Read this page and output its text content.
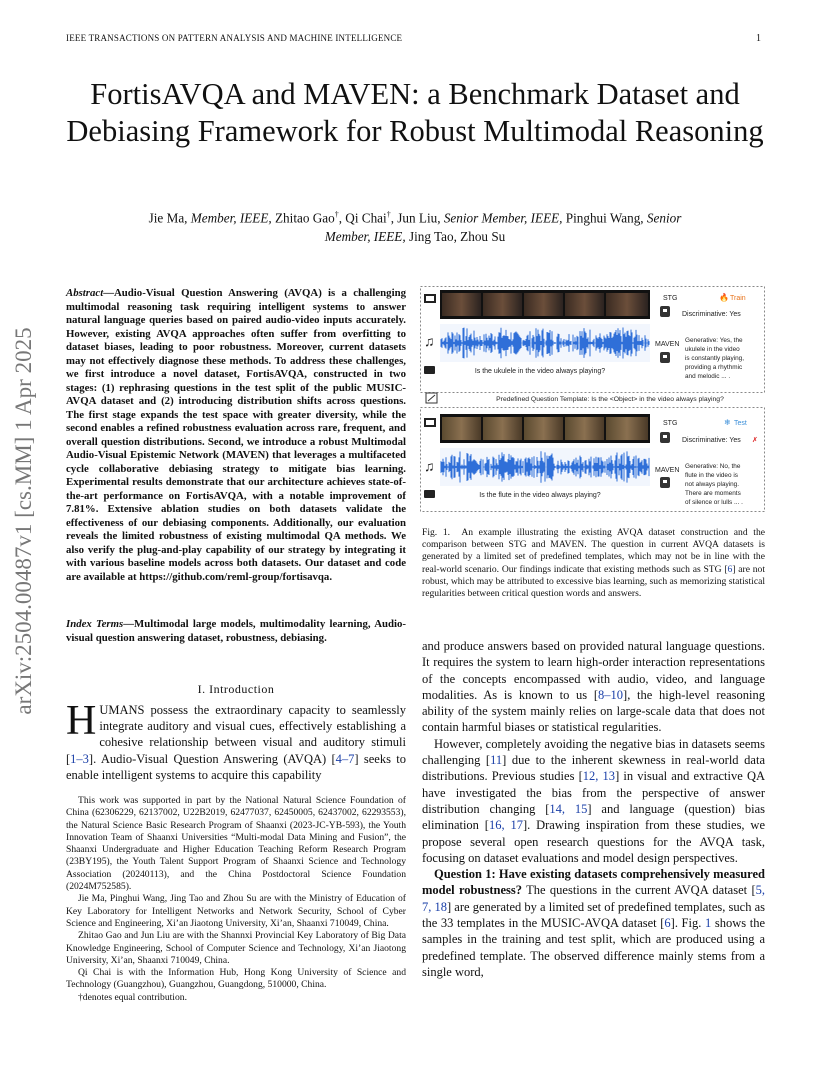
IEEE TRANSACTIONS ON PATTERN ANALYSIS AND MACHINE INTELLIGENCE	1
FortisAVQA and MAVEN: a Benchmark Dataset and Debiasing Framework for Robust Multimodal Reasoning
Jie Ma, Member, IEEE, Zhitao Gao†, Qi Chai†, Jun Liu, Senior Member, IEEE, Pinghui Wang, Senior
Member, IEEE, Jing Tao, Zhou Su
arXiv:2504.00487v1 [cs.MM] 1 Apr 2025
Abstract—Audio-Visual Question Answering (AVQA) is a challenging multimodal reasoning task requiring intelligent systems to answer natural language queries based on paired audio-video inputs accurately. However, existing AVQA approaches often suffer from overfitting to dataset biases, leading to poor robustness. Moreover, current datasets may not effectively diagnose these methods. To address these challenges, we first introduce a novel dataset, FortisAVQA, constructed in two stages: (1) rephrasing questions in the test split of the public MUSIC-AVQA dataset and (2) introducing distribution shifts across questions. The first stage expands the test space with greater diversity, while the second enables a refined robustness evaluation across rare, frequent, and overall question distributions. Second, we introduce a robust Multimodal Audio-Visual Epistemic Network (MAVEN) that leverages a multifaceted cycle collaborative debiasing strategy to mitigate bias learning. Experimental results demonstrate that our architecture achieves state-of-the-art performance on FortisAVQA, with a notable improvement of 7.81%. Extensive ablation studies on both datasets validate the effectiveness of our debiasing components. Additionally, our evaluation reveals the limited robustness of existing multimodal QA methods. We also verify the plug-and-play capability of our strategy by integrating it with various baseline models across both datasets. Our dataset and code are available at https://github.com/reml-group/fortisavqa.
Index Terms—Multimodal large models, multimodality learning, Audio-visual question answering dataset, robustness, debiasing.
I. Introduction
HUMANS possess the extraordinary capacity to seamlessly integrate auditory and visual cues, effectively establishing a cohesive relationship between visual and auditory stimuli [1–3]. Audio-Visual Question Answering (AVQA) [4–7] seeks to enable intelligent systems to acquire this capability

This work was supported in part by the National Natural Science Foundation of China (62306229, 62137002, U22B2019, 62477037, 62450005, 62437002, 62293553), the Natural Science Basic Research Program of Shaanxi (2023-JC-YB-593), the Youth Innovation Team of Shaanxi Universities “Multi-modal Data Mining and Fusion”, the Shaanxi Undergraduate and Higher Education Teaching Reform Research Program (23BY195), the Youth Talent Support Program of Shaanxi Science and Technology Association (20240113), and the China Postdoctoral Science Foundation (2024M752585).

Jie Ma, Pinghui Wang, Jing Tao and Zhou Su are with the Ministry of Education of Key Laboratory for Intelligent Networks and Network Security, School of Cyber Science and Engineering, Xi’an Jiaotong University, Xi’an, Shaanxi 710049, China.

Zhitao Gao and Jun Liu are with the Shannxi Provincial Key Laboratory of Big Data Knowledge Engineering, School of Computer Science and Technology, Xi’an Jiaotong University, Xi’an, Shaanxi 710049, China.

Qi Chai is with the Information Hub, Hong Kong University of Science and Technology (Guangzhou), Guangzhou, Guangdong, 510000, China.

†denotes equal contribution.

♫
Is the ukulele in the video always playing?
STG	Train
🔥
Discriminative: Yes
MAVEN
Generative: Yes, the
ukulele in the video
is constantly playing,
providing a rhythmic
and melodic ... .
Predefined Question Template: Is the <Object> in the video always playing?
♫
Is the flute in the video always playing?
STG	❄ Test
Discriminative: Yes ✗
MAVEN
Generative: No, the
flute in the video is
not always playing.
There are moments
of silence or lulls ... .
Fig. 1. An example illustrating the existing AVQA dataset construction and the comparison between STG and MAVEN. The question in current AVQA datasets is generated by a limited set of predefined templates, which may not be in line with the real-world scenario. Our findings indicate that existing methods such as STG [6] are not robust, which may be attributed to excessive bias learning, such as memorizing statistical regularities between critical question words and answers.

and produce answers based on provided natural language questions. It requires the system to learn high-order interaction representations of the concepts encompassed with audio, video, and language modalities. As is known to us [8–10], the high-level reasoning ability of the system mainly relies on large-scale data that does not contain harmful biases or statistical regularities.

However, completely avoiding the negative bias in datasets seems challenging [11] due to the inherent skewness in real-world data distributions. Previous studies [12, 13] in visual and extractive QA have investigated the bias from the perspective of answer distribution changing [14, 15] and language (question) bias elimination [16, 17]. Drawing inspiration from these studies, we propose several open research questions for the AVQA task, focusing on dataset evaluations and model design perspectives.

Question 1: Have existing datasets comprehensively measured model robustness? The questions in the current AVQA dataset [5, 7, 18] are generated by a limited set of predefined templates, such as the 33 templates in the MUSIC-AVQA dataset [6]. Fig. 1 shows the samples in the training and test split, which are produced using a predefined template. The observed difference mainly stems from a single word,
